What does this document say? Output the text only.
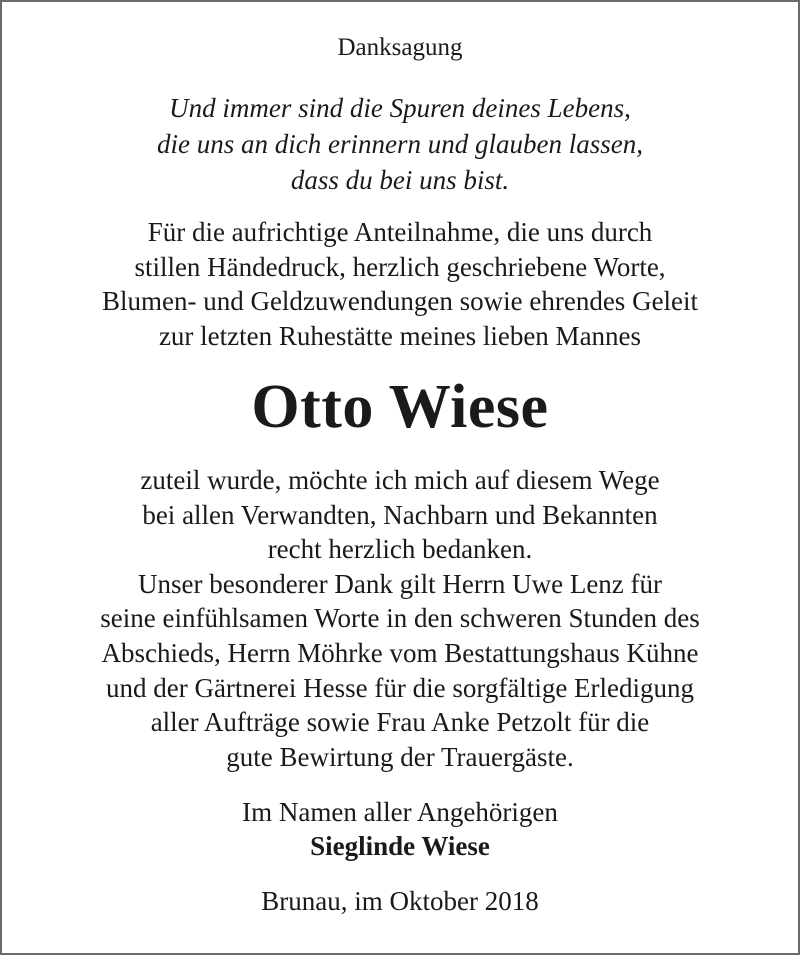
Danksagung
Und immer sind die Spuren deines Lebens,
die uns an dich erinnern und glauben lassen,
dass du bei uns bist.
Für die aufrichtige Anteilnahme, die uns durch
stillen Händedruck, herzlich geschriebene Worte,
Blumen- und Geldzuwendungen sowie ehrendes Geleit
zur letzten Ruhestätte meines lieben Mannes
Otto Wiese
zuteil wurde, möchte ich mich auf diesem Wege
bei allen Verwandten, Nachbarn und Bekannten
recht herzlich bedanken.
Unser besonderer Dank gilt Herrn Uwe Lenz für
seine einfühlsamen Worte in den schweren Stunden des
Abschieds, Herrn Möhrke vom Bestattungshaus Kühne
und der Gärtnerei Hesse für die sorgfältige Erledigung
aller Aufträge sowie Frau Anke Petzolt für die
gute Bewirtung der Trauergäste.
Im Namen aller Angehörigen
Sieglinde Wiese
Brunau, im Oktober 2018
